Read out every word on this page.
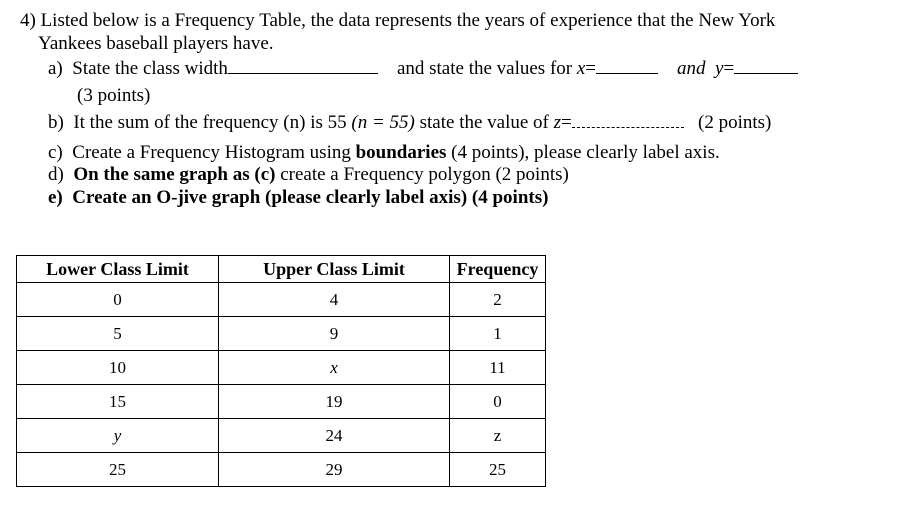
4) Listed below is a Frequency Table, the data represents the years of experience that the New York
Yankees baseball players have.
a) State the class width	and state the values for x=	and y=
(3 points)
b) It the sum of the frequency (n) is 55 (n = 55) state the value of z=	(2 points)
c) Create a Frequency Histogram using boundaries (4 points), please clearly label axis.
d) On the same graph as (c) create a Frequency polygon (2 points)
e) Create an O-jive graph (please clearly label axis) (4 points)
Lower Class Limit	Upper Class Limit	Frequency
0	4	2
5	9	1
10	x	11
15	19	0
y	24	z
25	29	25
